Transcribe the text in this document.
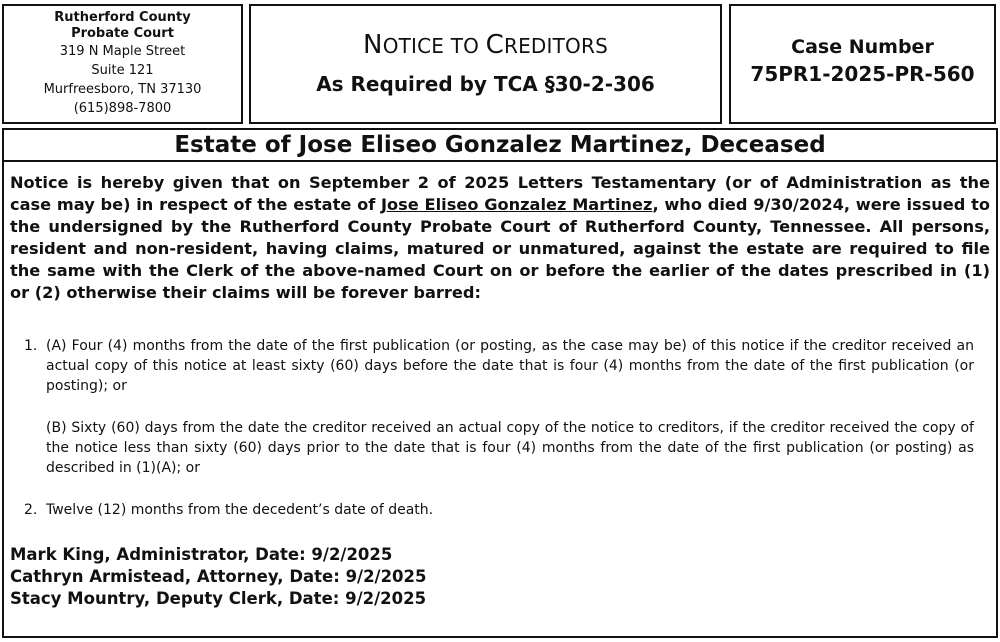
Rutherford County
Probate Court
319 N Maple Street
Suite 121
Murfreesboro, TN 37130
(615)898-7800
NOTICE TO CREDITORS
As Required by TCA §30-2-306
Case Number
75PR1-2025-PR-560
Estate of Jose Eliseo Gonzalez Martinez, Deceased
Notice is hereby given that on September 2 of 2025 Letters Testamentary (or of Administration as the case may be) in respect of the estate of Jose Eliseo Gonzalez Martinez, who died 9/30/2024, were issued to the undersigned by the Rutherford County Probate Court of Rutherford County, Tennessee. All persons, resident and non-resident, having claims, matured or unmatured, against the estate are required to file the same with the Clerk of the above-named Court on or before the earlier of the dates prescribed in (1) or (2) otherwise their claims will be forever barred:
1. (A) Four (4) months from the date of the first publication (or posting, as the case may be) of this notice if the creditor received an actual copy of this notice at least sixty (60) days before the date that is four (4) months from the date of the first publication (or posting); or

(B) Sixty (60) days from the date the creditor received an actual copy of the notice to creditors, if the creditor received the copy of the notice less than sixty (60) days prior to the date that is four (4) months from the date of the first publication (or posting) as described in (1)(A); or

2. Twelve (12) months from the decedent’s date of death.

Mark King, Administrator, Date: 9/2/2025
Cathryn Armistead, Attorney, Date: 9/2/2025
Stacy Mountry, Deputy Clerk, Date: 9/2/2025
